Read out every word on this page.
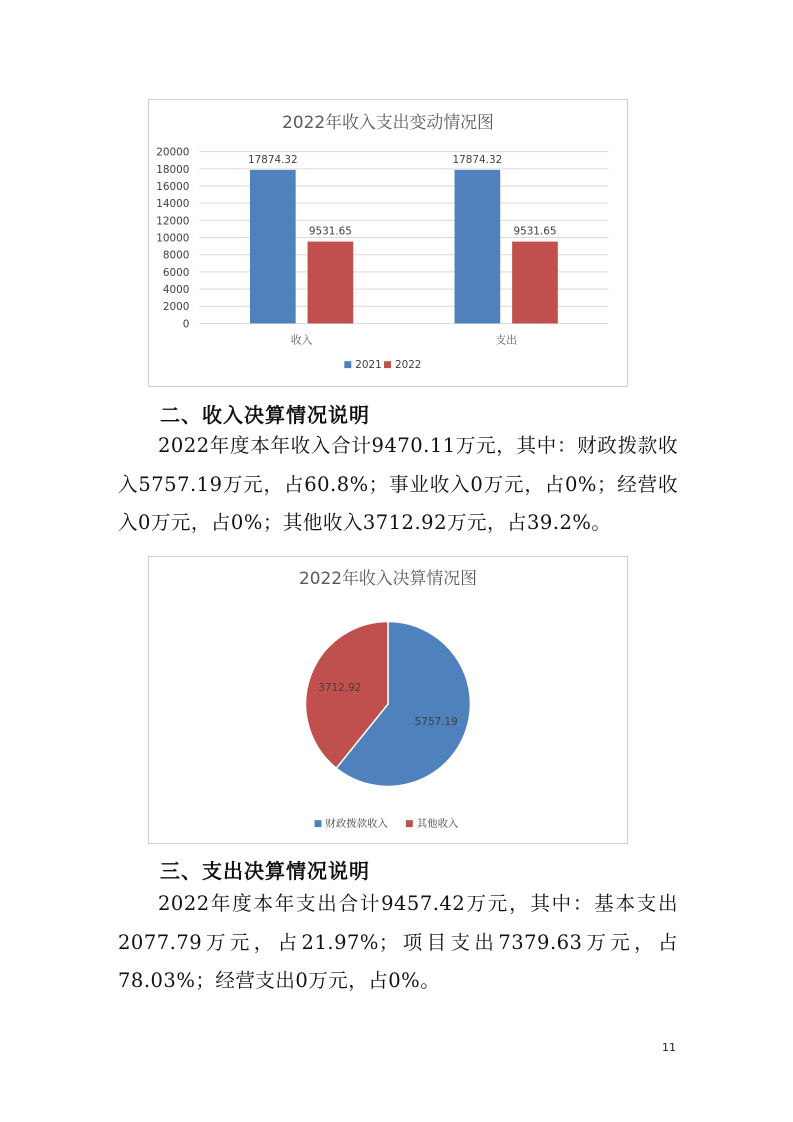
2022年收入支出变动情况图
0
2000
4000
6000
8000
10000
12000
14000
16000
18000
20000
17874.32
9531.65
收入
17874.32
9531.65
支出
2021 2022
二、收入决算情况说明

2022年度本年收入合计9470.11万元，其中：财政拨款收入5757.19万元，占60.8%；事业收入0万元，占0%；经营收入0万元，占0%；其他收入3712.92万元，占39.2%。

2022年收入决算情况图
5757.19
3712.92
财政拨款收入	其他收入
三、支出决算情况说明

2022年度本年支出合计9457.42万元，其中：基本支出2077.79万元，占21.97%；项目支出7379.63万元，占78.03%；经营支出0万元，占0%。

11
